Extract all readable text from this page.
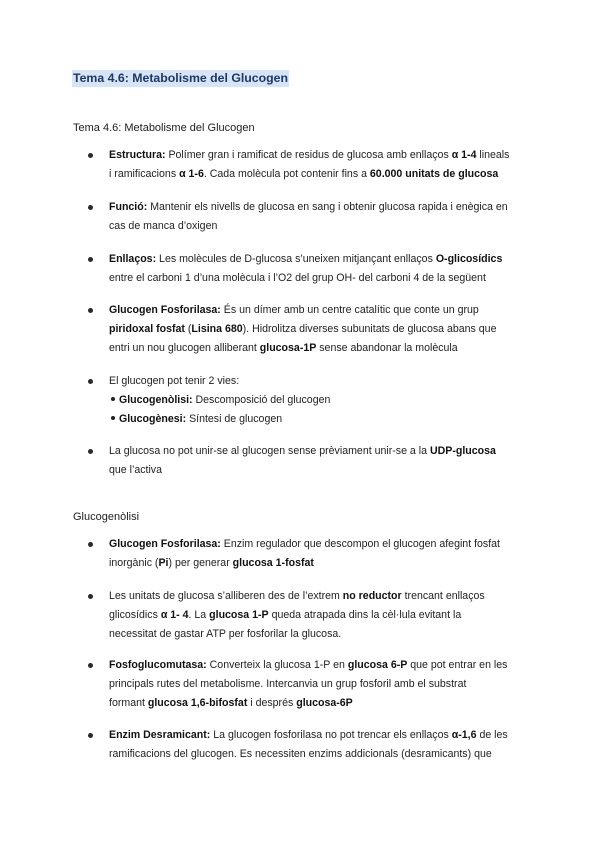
Tema 4.6: Metabolisme del Glucogen
Tema 4.6: Metabolisme del Glucogen
Estructura: Polímer gran i ramificat de residus de glucosa amb enllaços α 1-4 lineals
i ramificacions α 1-6. Cada molècula pot contenir fins a 60.000 unitats de glucosa
Funció: Mantenir els nivells de glucosa en sang i obtenir glucosa rapida i enègica en
cas de manca d’oxigen
Enllaços: Les molècules de D-glucosa s’uneixen mitjançant enllaços O-glicosídics
entre el carboni 1 d’una molècula i l’O2 del grup OH- del carboni 4 de la següent
Glucogen Fosforilasa: És un dímer amb un centre catalític que conte un grup
piridoxal fosfat (Lisina 680). Hidrolitza diverses subunitats de glucosa abans que
entri un nou glucogen alliberant glucosa-1P sense abandonar la molècula
El glucogen pot tenir 2 vies:
Glucogenòlisi: Descomposició del glucogen
Glucogènesi: Síntesi de glucogen
La glucosa no pot unir-se al glucogen sense prèviament unir-se a la UDP-glucosa
que l’activa
Glucogenòlisi
Glucogen Fosforilasa: Enzim regulador que descompon el glucogen afegint fosfat
inorgànic (Pi) per generar glucosa 1-fosfat
Les unitats de glucosa s’alliberen des de l’extrem no reductor trencant enllaços
glicosídics α 1- 4. La glucosa 1-P queda atrapada dins la cèl·lula evitant la
necessitat de gastar ATP per fosforilar la glucosa.
Fosfoglucomutasa: Converteix la glucosa 1-P en glucosa 6-P que pot entrar en les
principals rutes del metabolisme. Intercanvia un grup fosforil amb el substrat
formant glucosa 1,6-bifosfat i després glucosa-6P
Enzim Desramicant: La glucogen fosforilasa no pot trencar els enllaços α-1,6 de les
ramificacions del glucogen. Es necessiten enzims addicionals (desramicants) que
